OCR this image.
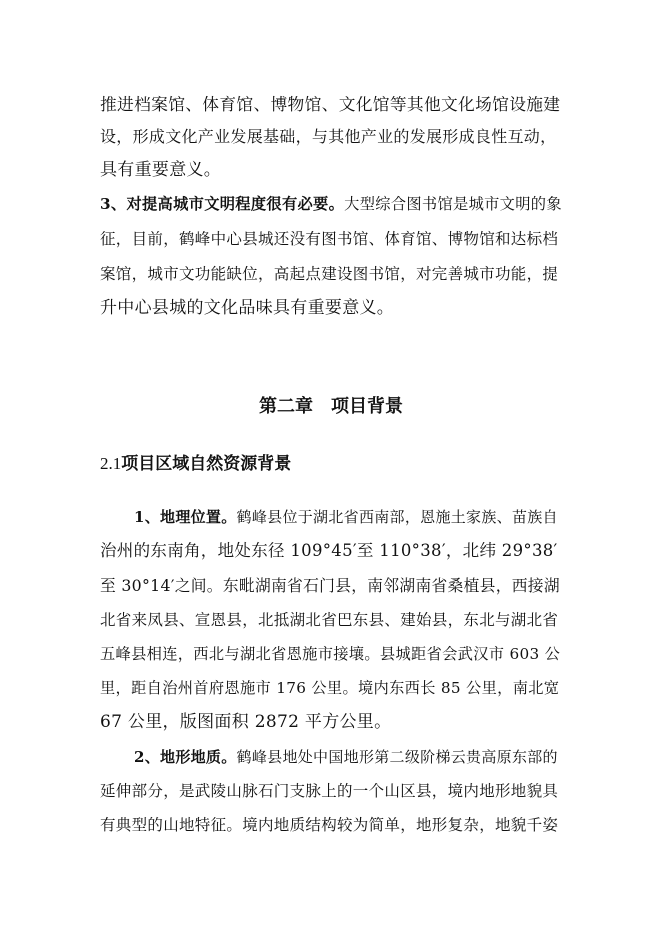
推进档案馆、体育馆、博物馆、文化馆等其他文化场馆设施建
设，形成文化产业发展基础，与其他产业的发展形成良性互动，
具有重要意义。
3、对提高城市文明程度很有必要。大型综合图书馆是城市文明的象
征，目前，鹤峰中心县城还没有图书馆、体育馆、博物馆和达标档
案馆，城市文功能缺位，高起点建设图书馆，对完善城市功能，提
升中心县城的文化品味具有重要意义。
第二章　项目背景
2.1项目区域自然资源背景
1、地理位置。鹤峰县位于湖北省西南部，恩施土家族、苗族自
治州的东南角，地处东径 109°45′至 110°38′，北纬 29°38′
至 30°14′之间。东毗湖南省石门县，南邻湖南省桑植县，西接湖
北省来凤县、宣恩县，北抵湖北省巴东县、建始县，东北与湖北省
五峰县相连，西北与湖北省恩施市接壤。县城距省会武汉市 603 公
里，距自治州首府恩施市 176 公里。境内东西长 85 公里，南北宽
67 公里，版图面积 2872 平方公里。
2、地形地质。鹤峰县地处中国地形第二级阶梯云贵高原东部的
延伸部分，是武陵山脉石门支脉上的一个山区县，境内地形地貌具
有典型的山地特征。境内地质结构较为简单，地形复杂，地貌千姿
